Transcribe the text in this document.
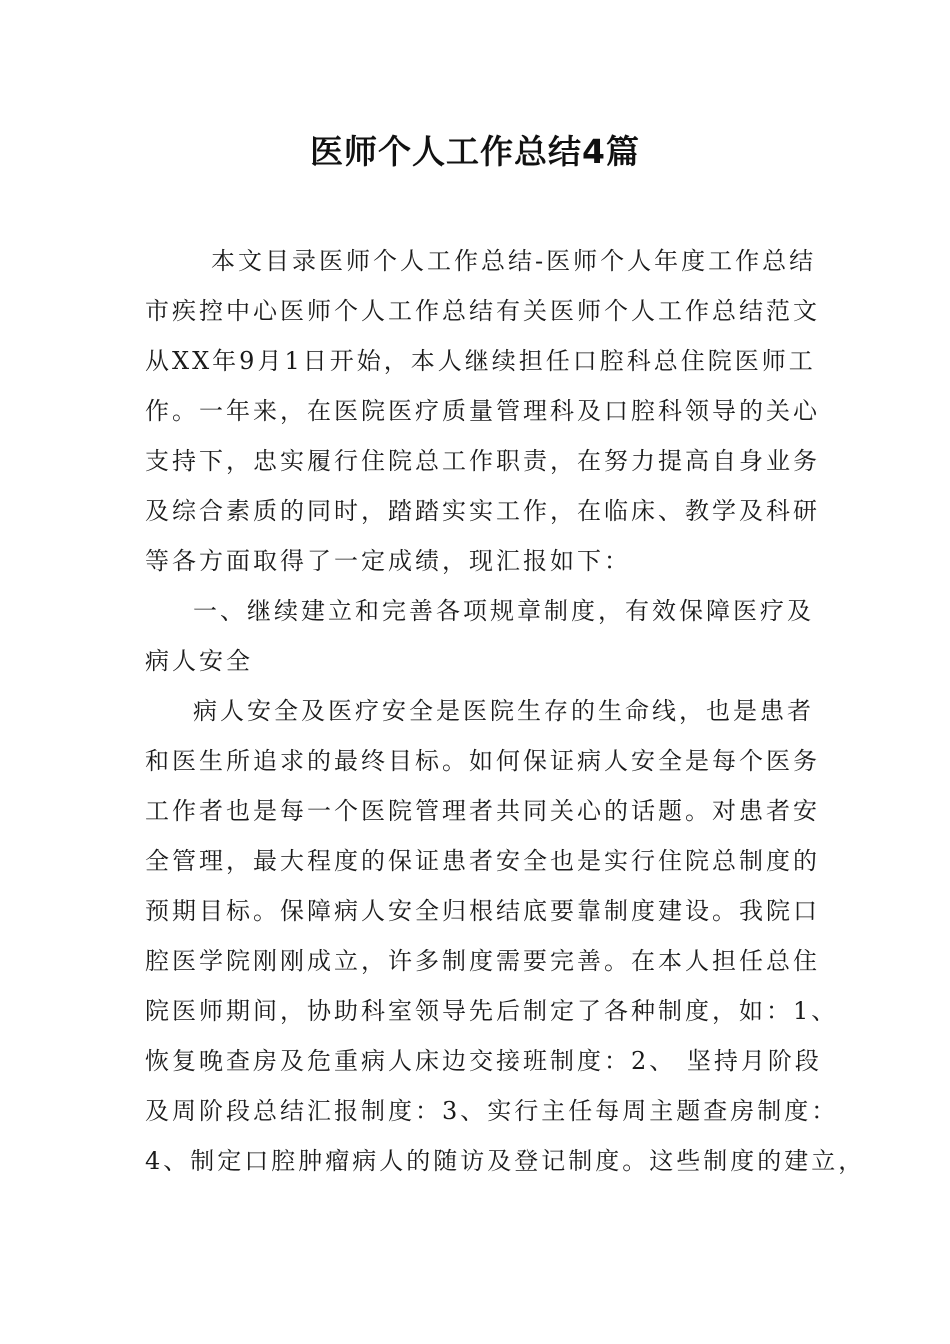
医师个人工作总结4篇
本文目录医师个人工作总结-医师个人年度工作总结
市疾控中心医师个人工作总结有关医师个人工作总结范文
从XX年9月1日开始，本人继续担任口腔科总住院医师工
作。一年来，在医院医疗质量管理科及口腔科领导的关心
支持下，忠实履行住院总工作职责，在努力提高自身业务
及综合素质的同时，踏踏实实工作，在临床、教学及科研
等各方面取得了一定成绩，现汇报如下：
一、继续建立和完善各项规章制度，有效保障医疗及
病人安全
病人安全及医疗安全是医院生存的生命线，也是患者
和医生所追求的最终目标。如何保证病人安全是每个医务
工作者也是每一个医院管理者共同关心的话题。对患者安
全管理，最大程度的保证患者安全也是实行住院总制度的
预期目标。保障病人安全归根结底要靠制度建设。我院口
腔医学院刚刚成立，许多制度需要完善。在本人担任总住
院医师期间，协助科室领导先后制定了各种制度，如：1、
恢复晚查房及危重病人床边交接班制度：2、 坚持月阶段
及周阶段总结汇报制度：3、实行主任每周主题查房制度：
4、制定口腔肿瘤病人的随访及登记制度。这些制度的建立，
